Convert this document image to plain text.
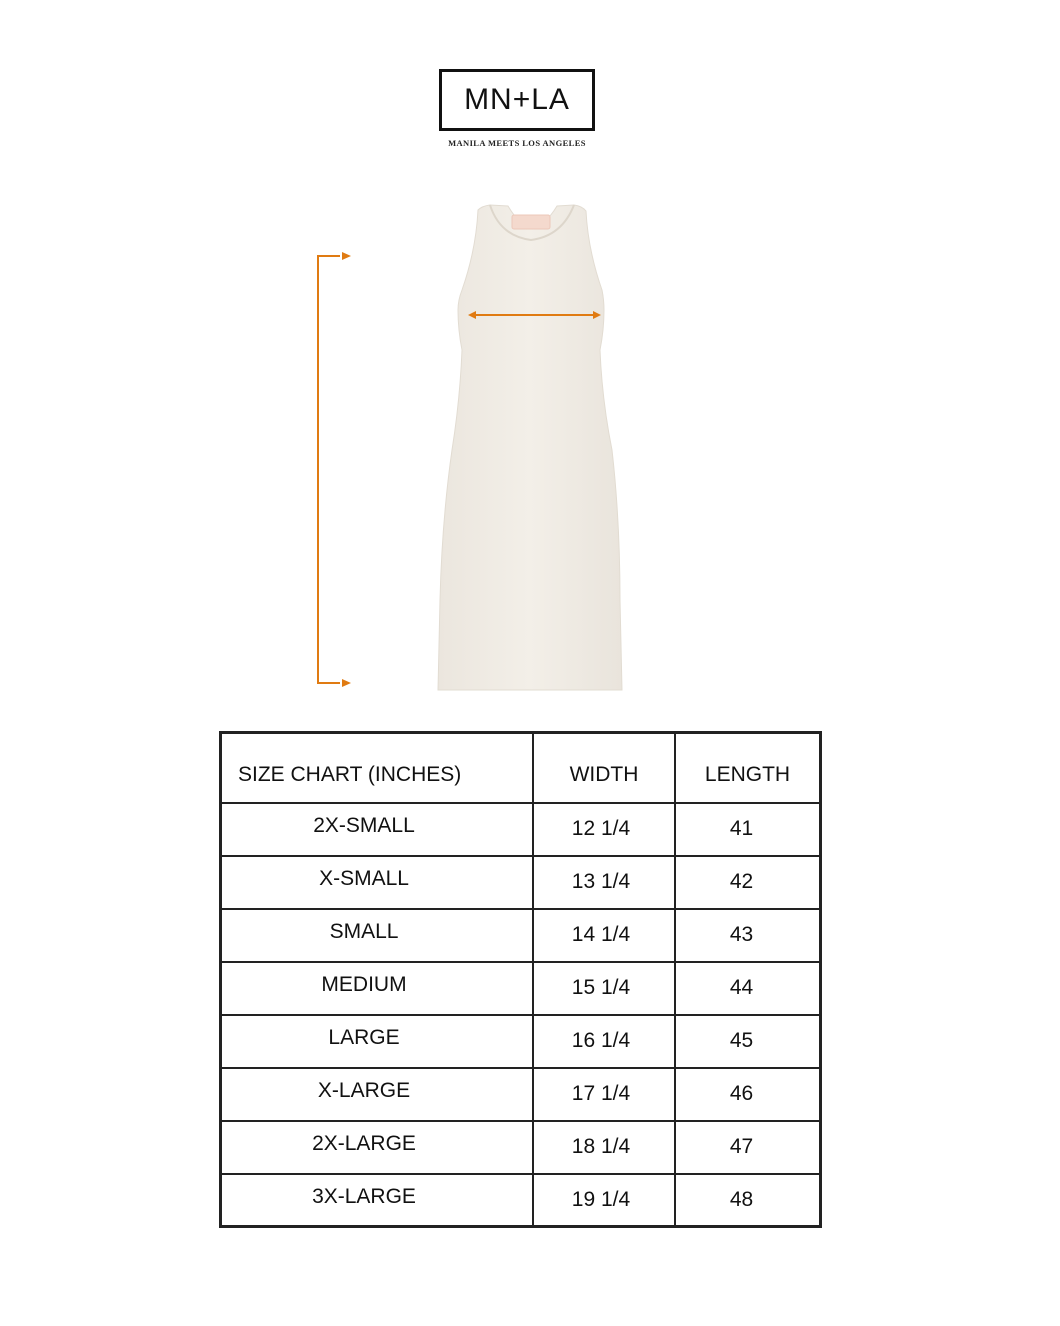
MN+LA
MANILA MEETS LOS ANGELES
SIZE CHART (INCHES)	WIDTH	LENGTH
2X-SMALL	12 1/4	41
X-SMALL	13 1/4	42
SMALL	14 1/4	43
MEDIUM	15 1/4	44
LARGE	16 1/4	45
X-LARGE	17 1/4	46
2X-LARGE	18 1/4	47
3X-LARGE	19 1/4	48
